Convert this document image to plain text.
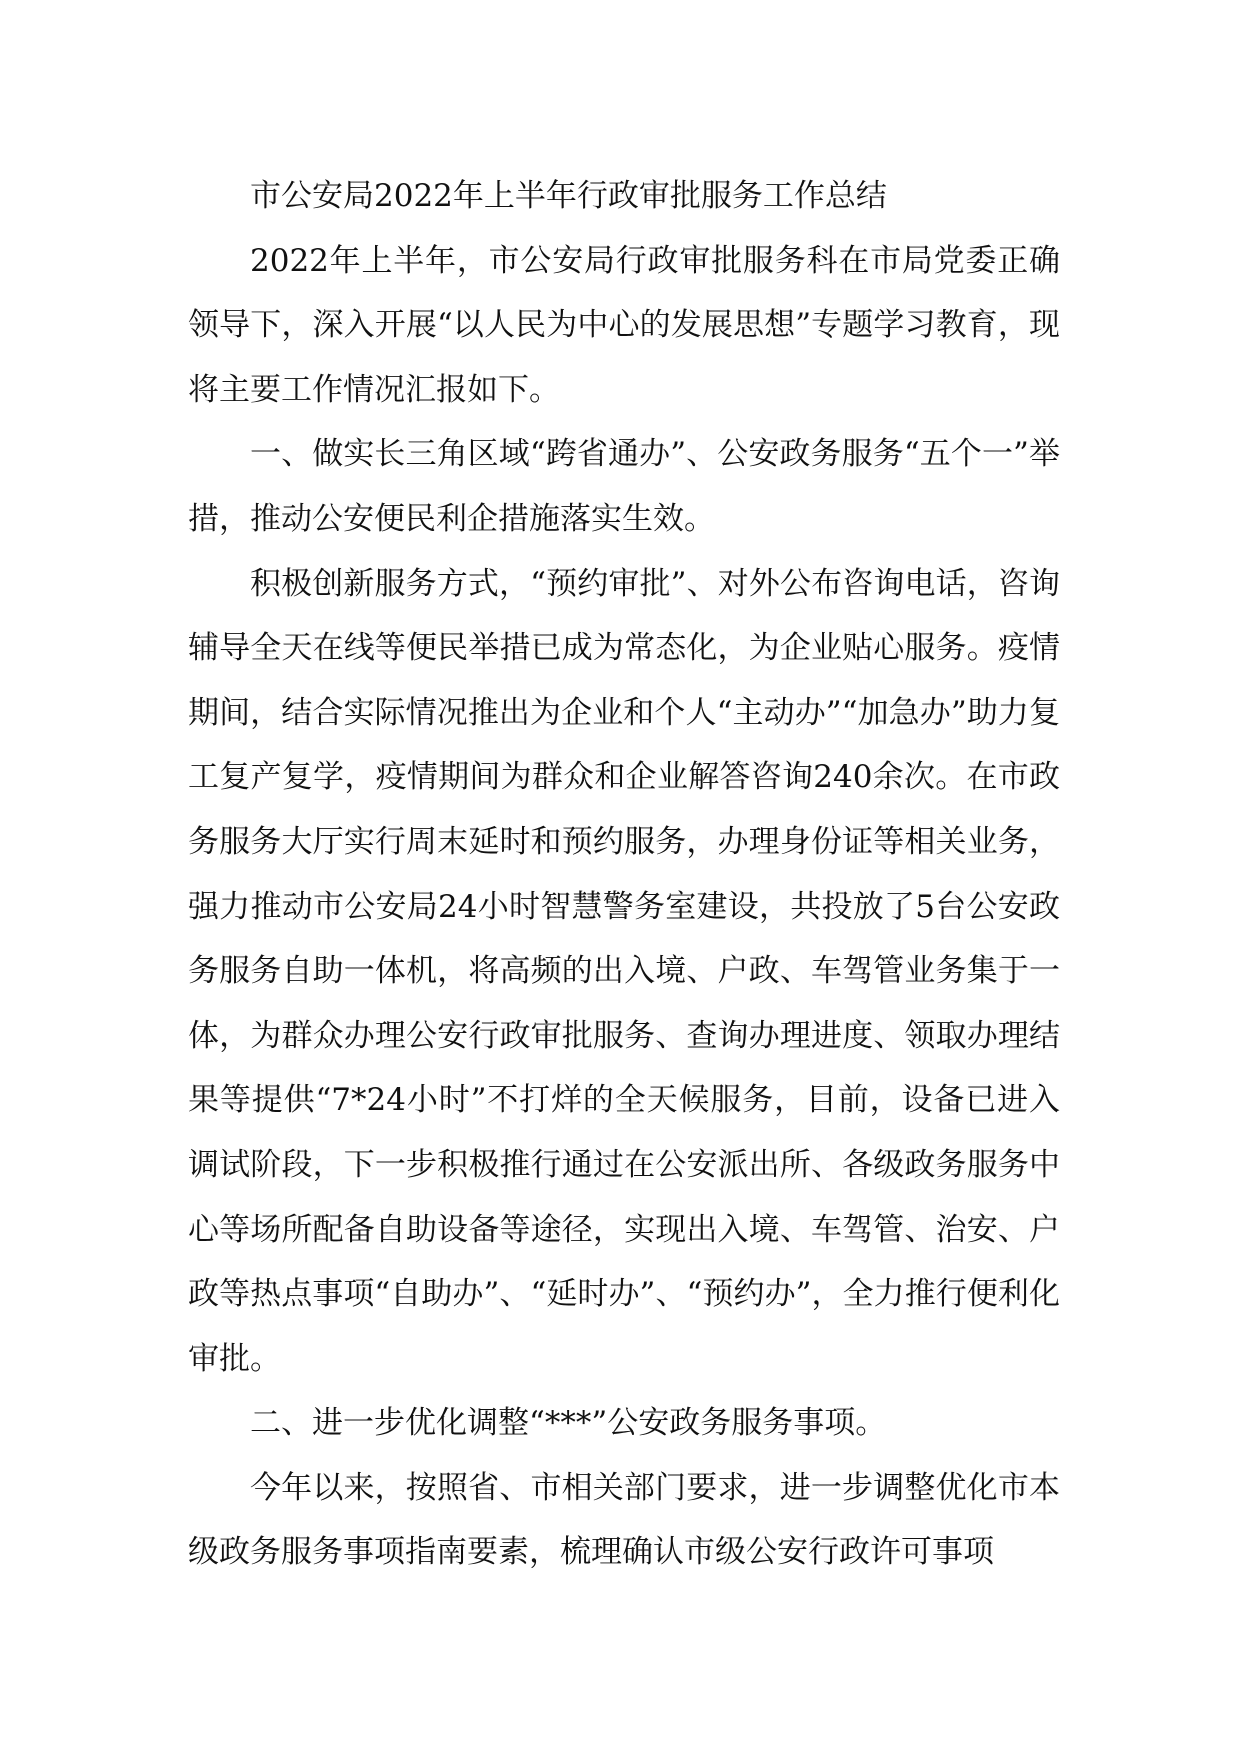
市公安局2022年上半年行政审批服务工作总结

2022年上半年，市公安局行政审批服务科在市局党委正确领导下，深入开展“以人民为中心的发展思想”专题学习教育，现将主要工作情况汇报如下。

一、做实长三角区域“跨省通办”、公安政务服务“五个一”举措，推动公安便民利企措施落实生效。

积极创新服务方式，“预约审批”、对外公布咨询电话，咨询辅导全天在线等便民举措已成为常态化，为企业贴心服务。疫情期间，结合实际情况推出为企业和个人“主动办”“加急办”助力复工复产复学，疫情期间为群众和企业解答咨询240余次。在市政务服务大厅实行周末延时和预约服务，办理身份证等相关业务，强力推动市公安局24小时智慧警务室建设，共投放了5台公安政务服务自助一体机，将高频的出入境、户政、车驾管业务集于一体，为群众办理公安行政审批服务、查询办理进度、领取办理结果等提供“7*24小时”不打烊的全天候服务，目前，设备已进入调试阶段，下一步积极推行通过在公安派出所、各级政务服务中心等场所配备自助设备等途径，实现出入境、车驾管、治安、户政等热点事项“自助办”、“延时办”、“预约办”，全力推行便利化审批。

二、进一步优化调整“***”公安政务服务事项。

今年以来，按照省、市相关部门要求，进一步调整优化市本级政务服务事项指南要素，梳理确认市级公安行政许可事项
